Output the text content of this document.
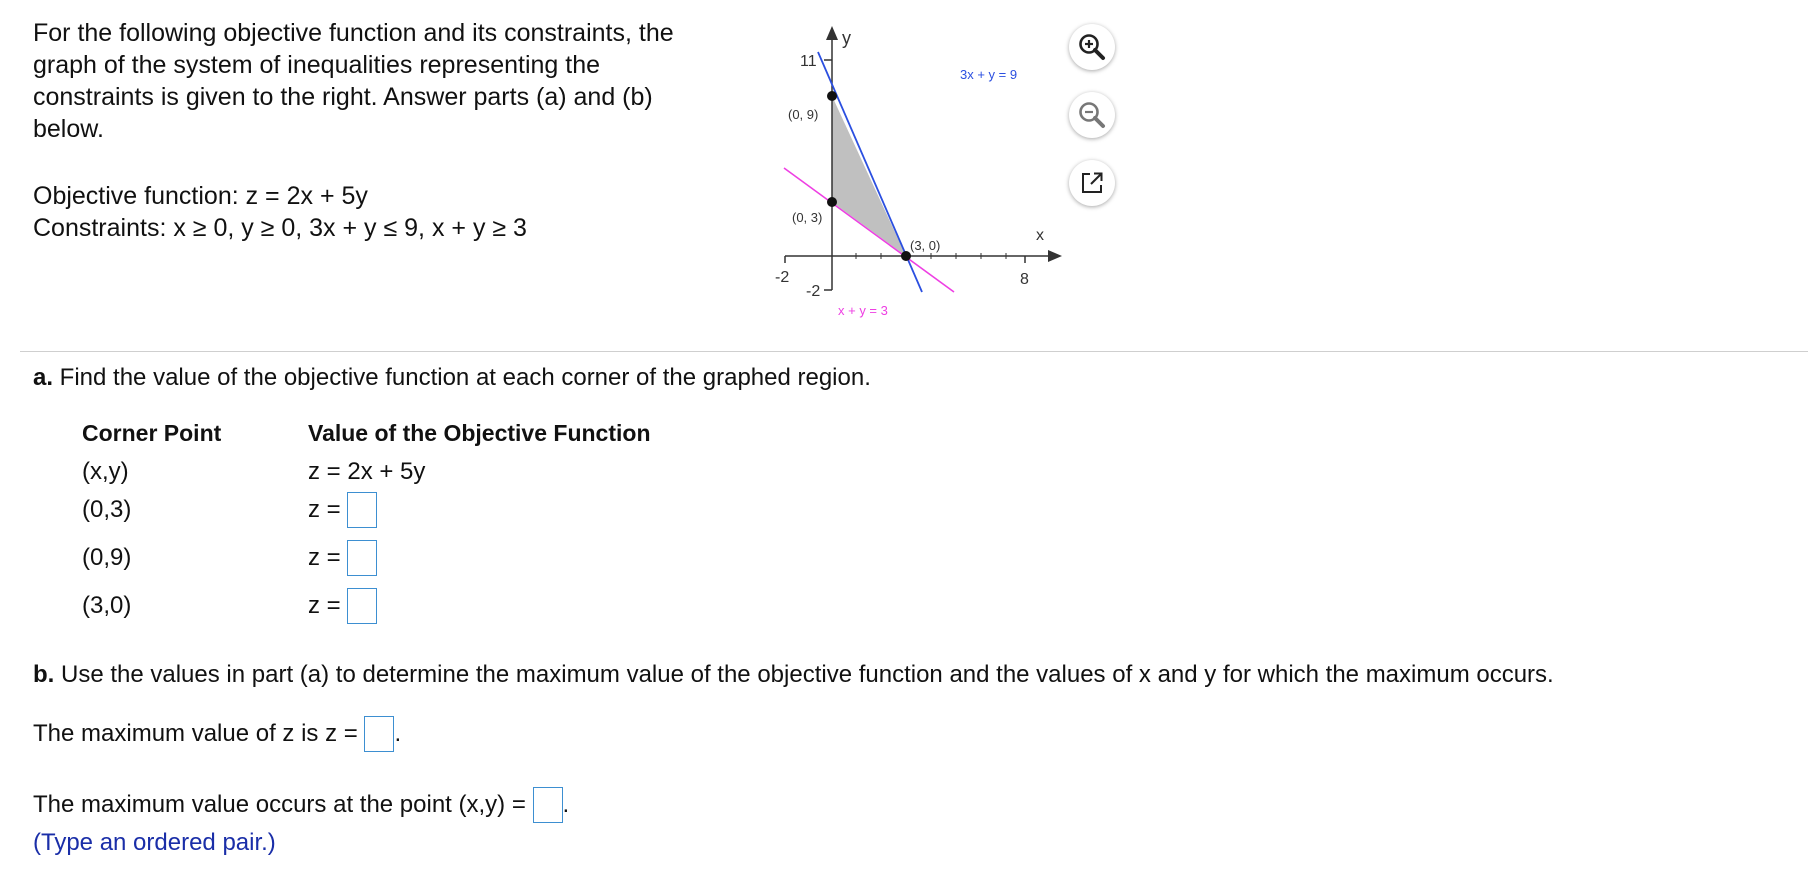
For the following objective function and its constraints, the graph of the system of inequalities representing the constraints is given to the right. Answer parts (a) and (b) below.

Objective function: z = 2x + 5y

Constraints: x ≥ 0, y ≥ 0, 3x + y ≤ 9, x + y ≥ 3

y
x
11
-2
-2
8
3x + y = 9
x + y = 3
(0, 9)
(0, 3)
(3, 0)
a. Find the value of the objective function at each corner of the graphed region.
Corner Point	Value of the Objective Function
(x,y)	z = 2x + 5y
(0,3)	z =

(0,9)	z =

(3,0)	z =

b. Use the values in part (a) to determine the maximum value of the objective function and the values of x and y for which the maximum occurs.
The maximum value of z is z =
.
The maximum value occurs at the point (x,y) =
.
(Type an ordered pair.)
